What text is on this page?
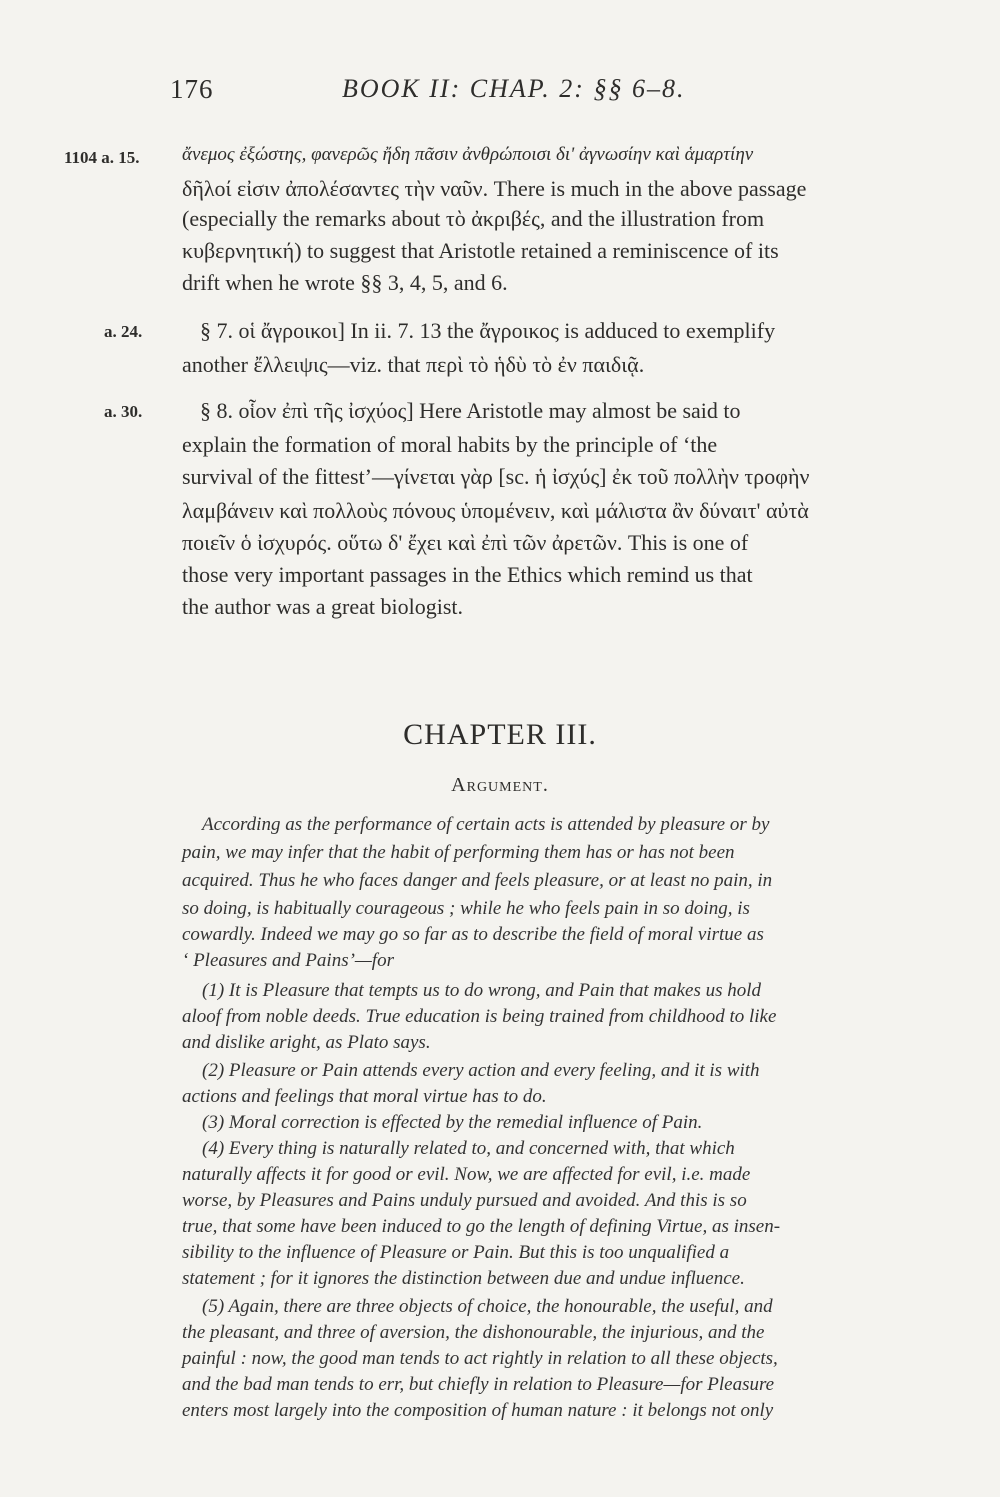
176	BOOK II: CHAP. 2: §§ 6–8.
1104 a. 15. ἄνεμος ἐξώστης, φανερῶς ἤδη πᾶσιν ἀνθρώποισι δι' ἀγνωσίην καὶ ἁμαρτίην
δῆλοί εἰσιν ἀπολέσαντες τὴν ναῦν. There is much in the above passage
(especially the remarks about τὸ ἀκριβές, and the illustration from
κυβερνητική) to suggest that Aristotle retained a reminiscence of its
drift when he wrote §§ 3, 4, 5, and 6.
a. 24.	§ 7. οἱ ἄγροικοι] In ii. 7. 13 the ἄγροικος is adduced to exemplify
another ἔλλειψις—viz. that περὶ τὸ ἡδὺ τὸ ἐν παιδιᾷ.
a. 30.	§ 8. οἷον ἐπὶ τῆς ἰσχύος] Here Aristotle may almost be said to
explain the formation of moral habits by the principle of ‘the
survival of the fittest’—γίνεται γὰρ [sc. ἡ ἰσχύς] ἐκ τοῦ πολλὴν τροφὴν
λαμβάνειν καὶ πολλοὺς πόνους ὑπομένειν, καὶ μάλιστα ἂν δύναιτ' αὐτὰ
ποιεῖν ὁ ἰσχυρός. οὕτω δ' ἔχει καὶ ἐπὶ τῶν ἀρετῶν. This is one of
those very important passages in the Ethics which remind us that
the author was a great biologist.
CHAPTER III.
Argument.
According as the performance of certain acts is attended by pleasure or by
pain, we may infer that the habit of performing them has or has not been
acquired. Thus he who faces danger and feels pleasure, or at least no pain, in
so doing, is habitually courageous ; while he who feels pain in so doing, is
cowardly. Indeed we may go so far as to describe the field of moral virtue as
‘ Pleasures and Pains’—for
(1) It is Pleasure that tempts us to do wrong, and Pain that makes us hold
aloof from noble deeds. True education is being trained from childhood to like
and dislike aright, as Plato says.
(2) Pleasure or Pain attends every action and every feeling, and it is with
actions and feelings that moral virtue has to do.
(3) Moral correction is effected by the remedial influence of Pain.
(4) Every thing is naturally related to, and concerned with, that which
naturally affects it for good or evil. Now, we are affected for evil, i.e. made
worse, by Pleasures and Pains unduly pursued and avoided. And this is so
true, that some have been induced to go the length of defining Virtue, as insen-
sibility to the influence of Pleasure or Pain. But this is too unqualified a
statement ; for it ignores the distinction between due and undue influence.
(5) Again, there are three objects of choice, the honourable, the useful, and
the pleasant, and three of aversion, the dishonourable, the injurious, and the
painful : now, the good man tends to act rightly in relation to all these objects,
and the bad man tends to err, but chiefly in relation to Pleasure—for Pleasure
enters most largely into the composition of human nature : it belongs not only
